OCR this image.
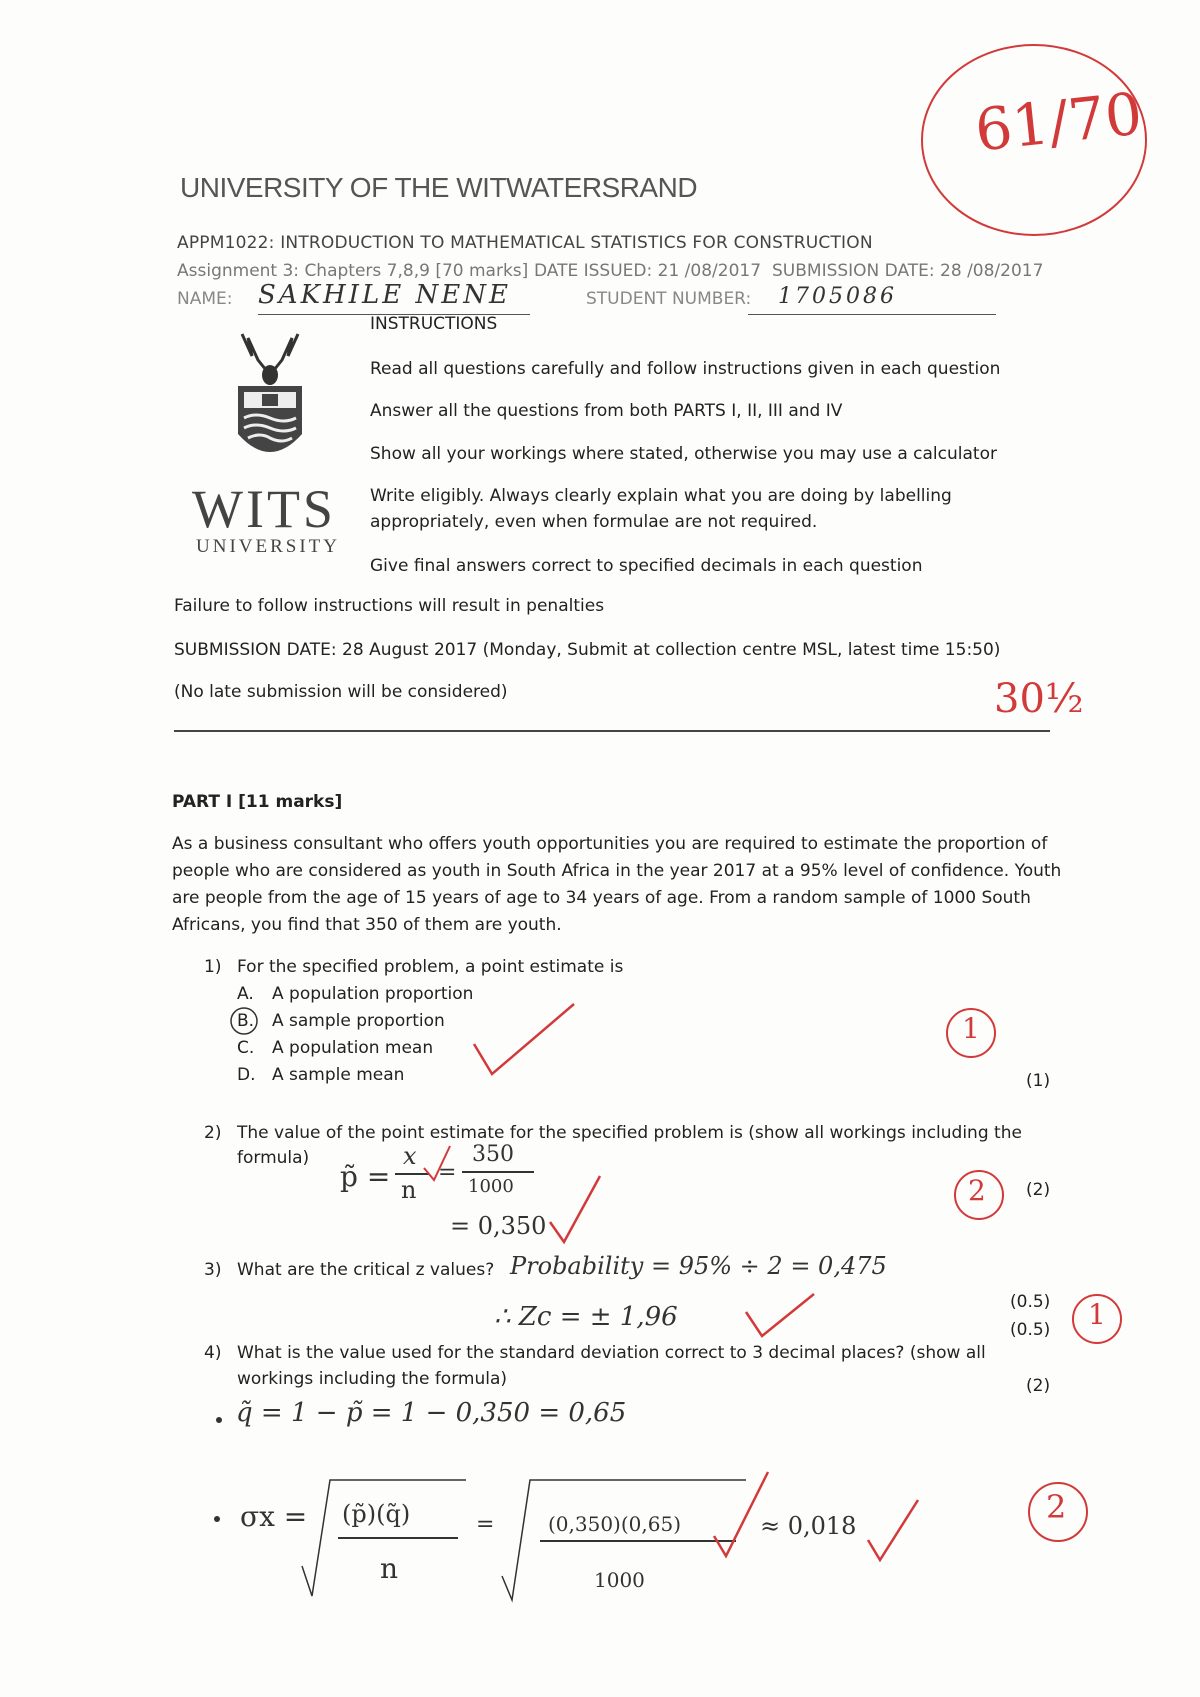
UNIVERSITY OF THE WITWATERSRAND
APPM1022: INTRODUCTION TO MATHEMATICAL STATISTICS FOR CONSTRUCTION
Assignment 3: Chapters 7,8,9 [70 marks] DATE ISSUED: 21 /08/2017 SUBMISSION DATE: 28 /08/2017
NAME: SAKHILE NENE	STUDENT NUMBER: 1705086
61/70
WITS
UNIVERSITY
INSTRUCTIONS
Read all questions carefully and follow instructions given in each question
Answer all the questions from both PARTS I, II, III and IV
Show all your workings where stated, otherwise you may use a calculator
Write eligibly. Always clearly explain what you are doing by labelling
appropriately, even when formulae are not required.
Give final answers correct to specified decimals in each question
Failure to follow instructions will result in penalties
SUBMISSION DATE: 28 August 2017 (Monday, Submit at collection centre MSL, latest time 15:50)
(No late submission will be considered)	30½
PART I [11 marks]
As a business consultant who offers youth opportunities you are required to estimate the proportion of
people who are considered as youth in South Africa in the year 2017 at a 95% level of confidence. Youth
are people from the age of 15 years of age to 34 years of age. From a random sample of 1000 South
Africans, you find that 350 of them are youth.
1) For the specified problem, a point estimate is
A. A population proportion
B. A sample proportion
C. A population mean
D. A sample mean
1
(1)
2) The value of the point estimate for the specified problem is (show all workings including the
formula)
p̃ =
x
n
=
350
1000
= 0,350
2 (2)
3) What are the critical z values? Probability = 95% ÷ 2 = 0,475
∴ Zc = ± 1,96	(0.5)
(0.5) 1
4) What is the value used for the standard deviation correct to 3 decimal places? (show all
workings including the formula)	(2)
q̃ = 1 − p̃ = 1 − 0,350 = 0,65
σx = (p̃)(q̃)
n
=	(0,350)(0,65)
1000
≈ 0,018	2
